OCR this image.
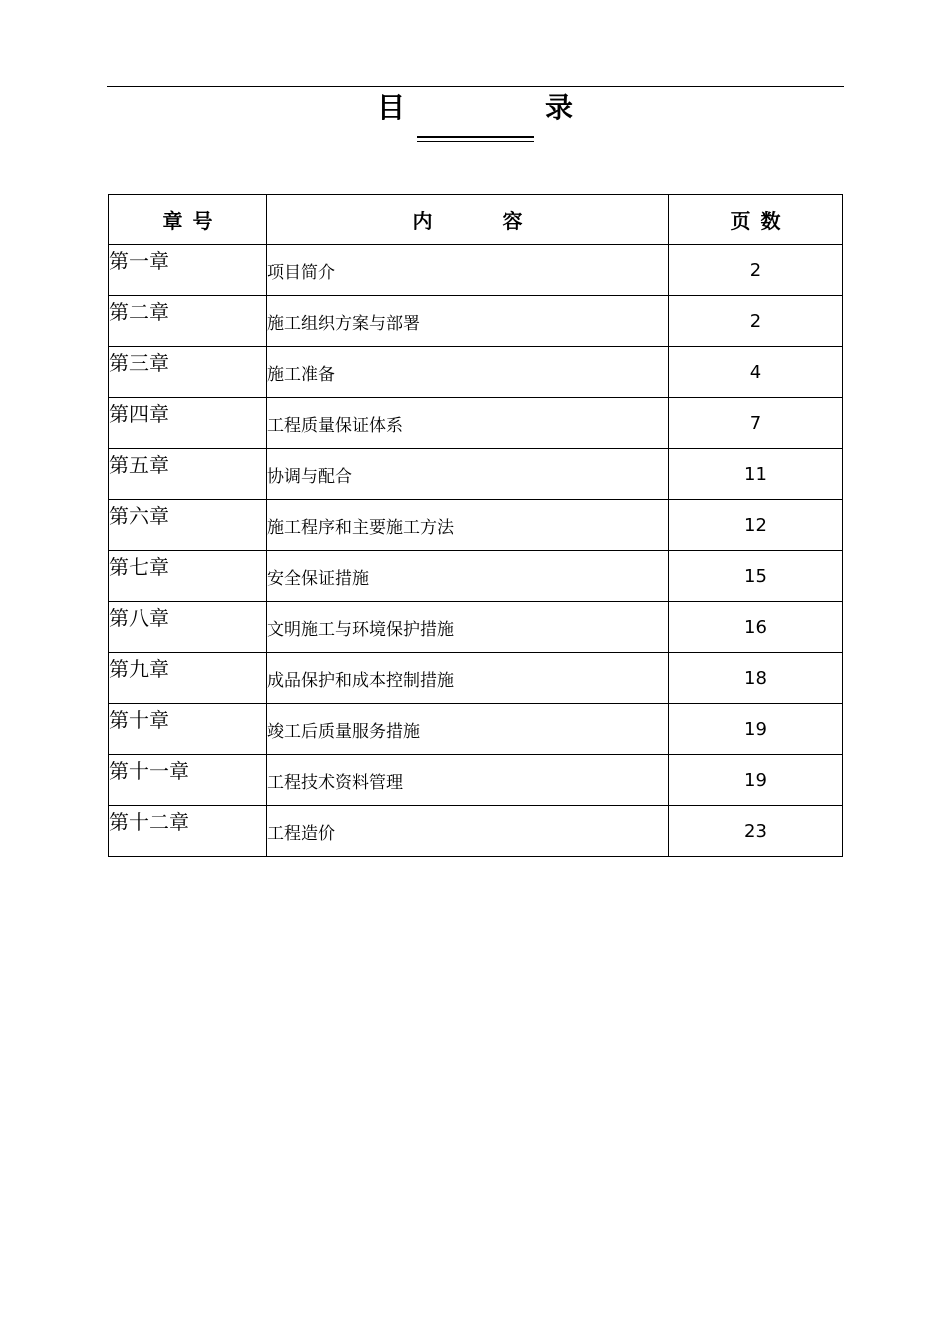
目　录
章号	内容	页数
第一章	项目简介	2
第二章	施工组织方案与部署	2
第三章	施工准备	4
第四章	工程质量保证体系	7
第五章	协调与配合	11
第六章	施工程序和主要施工方法	12
第七章	安全保证措施	15
第八章	文明施工与环境保护措施	16
第九章	成品保护和成本控制措施	18
第十章	竣工后质量服务措施	19
第十一章	工程技术资料管理	19
第十二章	工程造价	23
